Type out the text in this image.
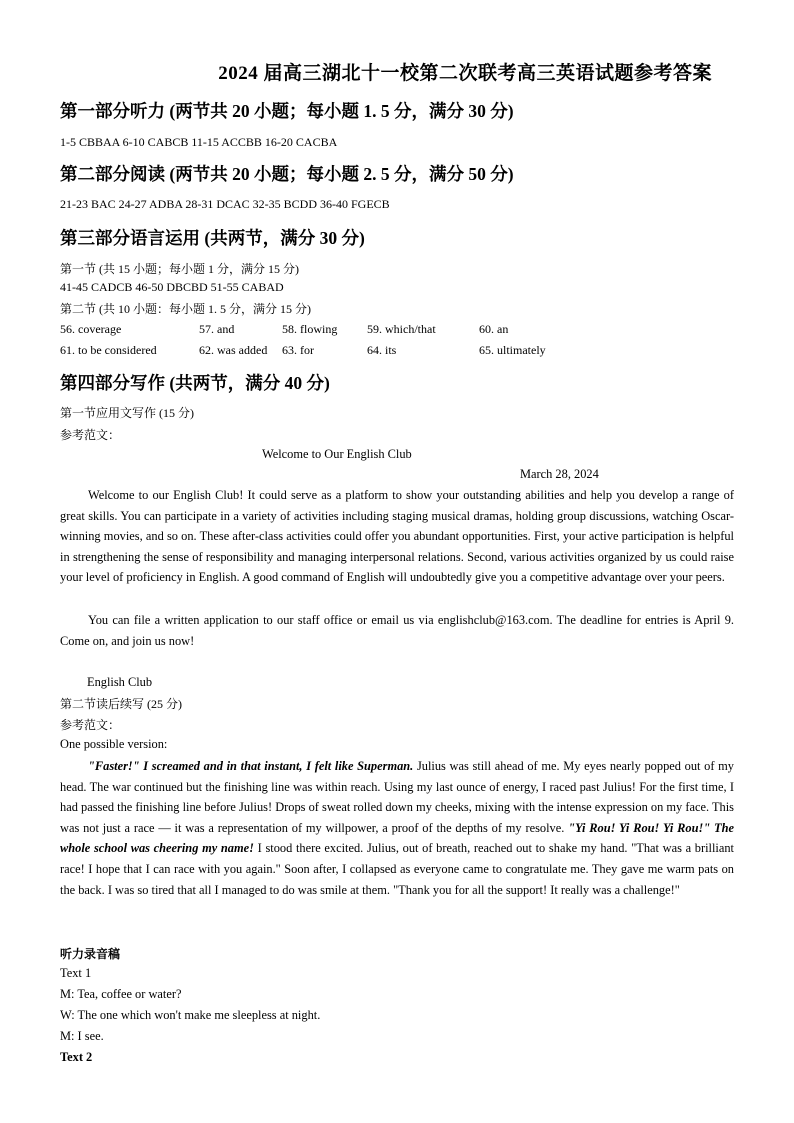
2024 届高三湖北十一校第二次联考高三英语试题参考答案
第一部分听力 (两节共 20 小题；每小题 1. 5 分，满分 30 分)
1-5 CBBAA 6-10 CABCB 11-15 ACCBB 16-20 CACBA
第二部分阅读 (两节共 20 小题；每小题 2. 5 分，满分 50 分)
21-23 BAC 24-27 ADBA 28-31 DCAC 32-35 BCDD 36-40 FGECB
第三部分语言运用 (共两节，满分 30 分)
第一节 (共 15 小题；每小题 1 分，满分 15 分)
41-45 CADCB 46-50 DBCBD 51-55 CABAD
第二节 (共 10 小题：每小题 1. 5 分，满分 15 分)
56. coverage	57. and	58. flowing 59. which/that	60. an
61. to be considered	62. was added 63. for	64. its	65. ultimately
第四部分写作 (共两节，满分 40 分)
第一节应用文写作 (15 分)
参考范文：
Welcome to Our English Club
March 28, 2024
Welcome to our English Club! It could serve as a platform to show your outstanding abilities and help you develop a range of great skills. You can participate in a variety of activities including staging musical dramas, holding group discussions, watching Oscar-winning movies, and so on. These after-class activities could offer you abundant opportunities. First, your active participation is helpful in strengthening the sense of responsibility and managing interpersonal relations. Second, various activities organized by us could raise your level of proficiency in English. A good command of English will undoubtedly give you a competitive advantage over your peers.
You can file a written application to our staff office or email us via englishclub@163.com. The deadline for entries is April 9. Come on, and join us now!
English Club
第二节读后续写 (25 分)
参考范文：
One possible version:
"Faster!" I screamed and in that instant, I felt like Superman. Julius was still ahead of me. My eyes nearly popped out of my head. The war continued but the finishing line was within reach. Using my last ounce of energy, I raced past Julius! For the first time, I had passed the finishing line before Julius! Drops of sweat rolled down my cheeks, mixing with the intense expression on my face. This was not just a race — it was a representation of my willpower, a proof of the depths of my resolve. "Yi Rou! Yi Rou! Yi Rou!" The whole school was cheering my name! I stood there excited. Julius, out of breath, reached out to shake my hand. "That was a brilliant race! I hope that I can race with you again." Soon after, I collapsed as everyone came to congratulate me. They gave me warm pats on the back. I was so tired that all I managed to do was smile at them. "Thank you for all the support! It really was a challenge!"
听力录音稿
Text 1
M: Tea, coffee or water?
W: The one which won't make me sleepless at night.
M: I see.
Text 2
